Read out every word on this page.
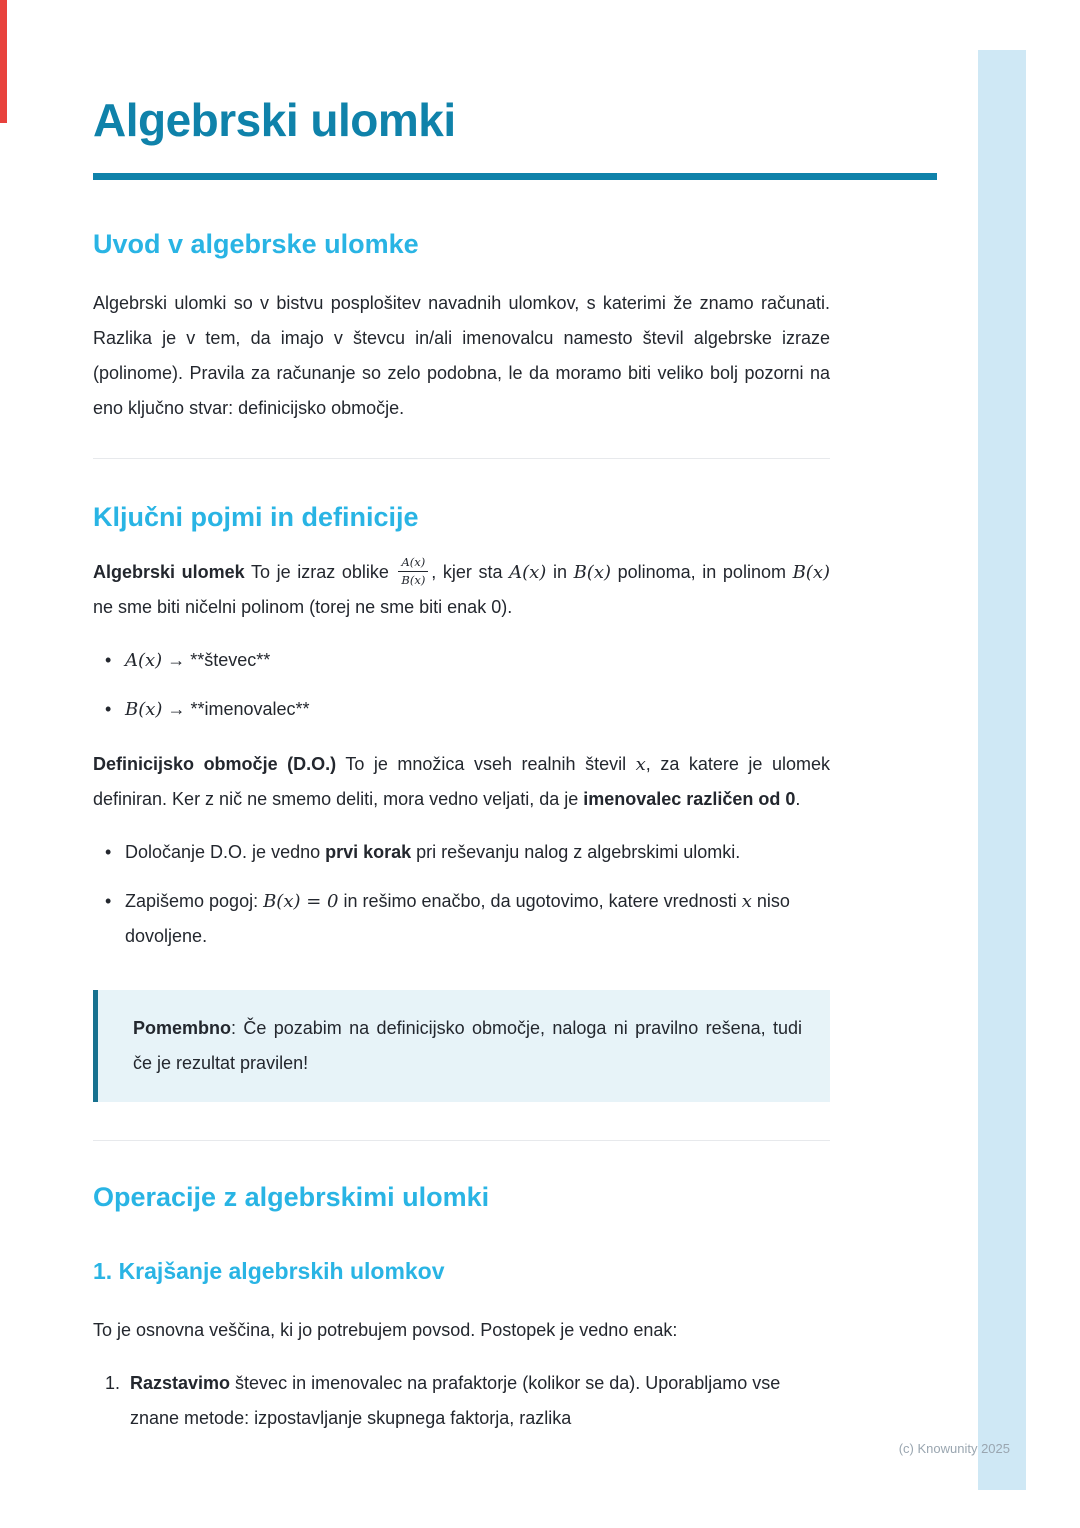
Algebrski ulomki
Uvod v algebrske ulomke

Algebrski ulomki so v bistvu posplošitev navadnih ulomkov, s katerimi že znamo računati. Razlika je v tem, da imajo v števcu in/ali imenovalcu namesto števil algebrske izraze (polinome). Pravila za računanje so zelo podobna, le da moramo biti veliko bolj pozorni na eno ključno stvar: definicijsko območje.

Ključni pojmi in definicije

Algebrski ulomek To je izraz oblike $\frac{A(x)}{B(x)}$ , kjer sta A(x) in B(x) polinoma, in polinom B(x) ne sme biti ničelni polinom (torej ne sme biti enak 0).

• A(x) → **števec**
• B(x) → **imenovalec**

Definicijsko območje (D.O.) To je množica vseh realnih števil x, za katere je ulomek definiran. Ker z nič ne smemo deliti, mora vedno veljati, da je imenovalec različen od 0.

• Določanje D.O. je vedno prvi korak pri reševanju nalog z algebrskimi ulomki.
• Zapišemo pogoj: B(x) = 0 in rešimo enačbo, da ugotovimo, katere vrednosti x niso dovoljene.

Pomembno: Če pozabim na definicijsko območje, naloga ni pravilno rešena, tudi če je rezultat pravilen!

Operacije z algebrskimi ulomki
1. Krajšanje algebrskih ulomkov

To je osnovna veščina, ki jo potrebujem povsod. Postopek je vedno enak:

1. Razstavimo števec in imenovalec na prafaktorje (kolikor se da). Uporabljamo vse znane metode: izpostavljanje skupnega faktorja, razlika
(c) Knowunity 2025
